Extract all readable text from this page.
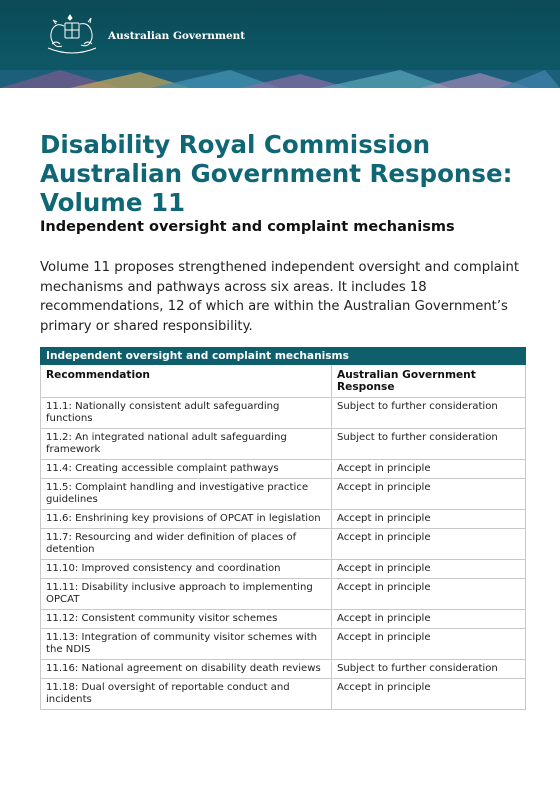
Australian Government
Disability Royal Commission
Australian Government Response:
Volume 11
Independent oversight and complaint mechanisms

Volume 11 proposes strengthened independent oversight and complaint mechanisms and pathways across six areas. It includes 18 recommendations, 12 of which are within the Australian Government’s primary or shared responsibility.

Independent oversight and complaint mechanisms	
Recommendation	Australian Government Response
11.1: Nationally consistent adult safeguarding functions	Subject to further consideration
11.2: An integrated national adult safeguarding framework	Subject to further consideration
11.4: Creating accessible complaint pathways	Accept in principle
11.5: Complaint handling and investigative practice guidelines	Accept in principle
11.6: Enshrining key provisions of OPCAT in legislation	Accept in principle
11.7: Resourcing and wider definition of places of detention	Accept in principle
11.10: Improved consistency and coordination	Accept in principle
11.11: Disability inclusive approach to implementing OPCAT	Accept in principle
11.12: Consistent community visitor schemes	Accept in principle
11.13: Integration of community visitor schemes with the NDIS	Accept in principle
11.16: National agreement on disability death reviews	Subject to further consideration
11.18: Dual oversight of reportable conduct and incidents	Accept in principle
